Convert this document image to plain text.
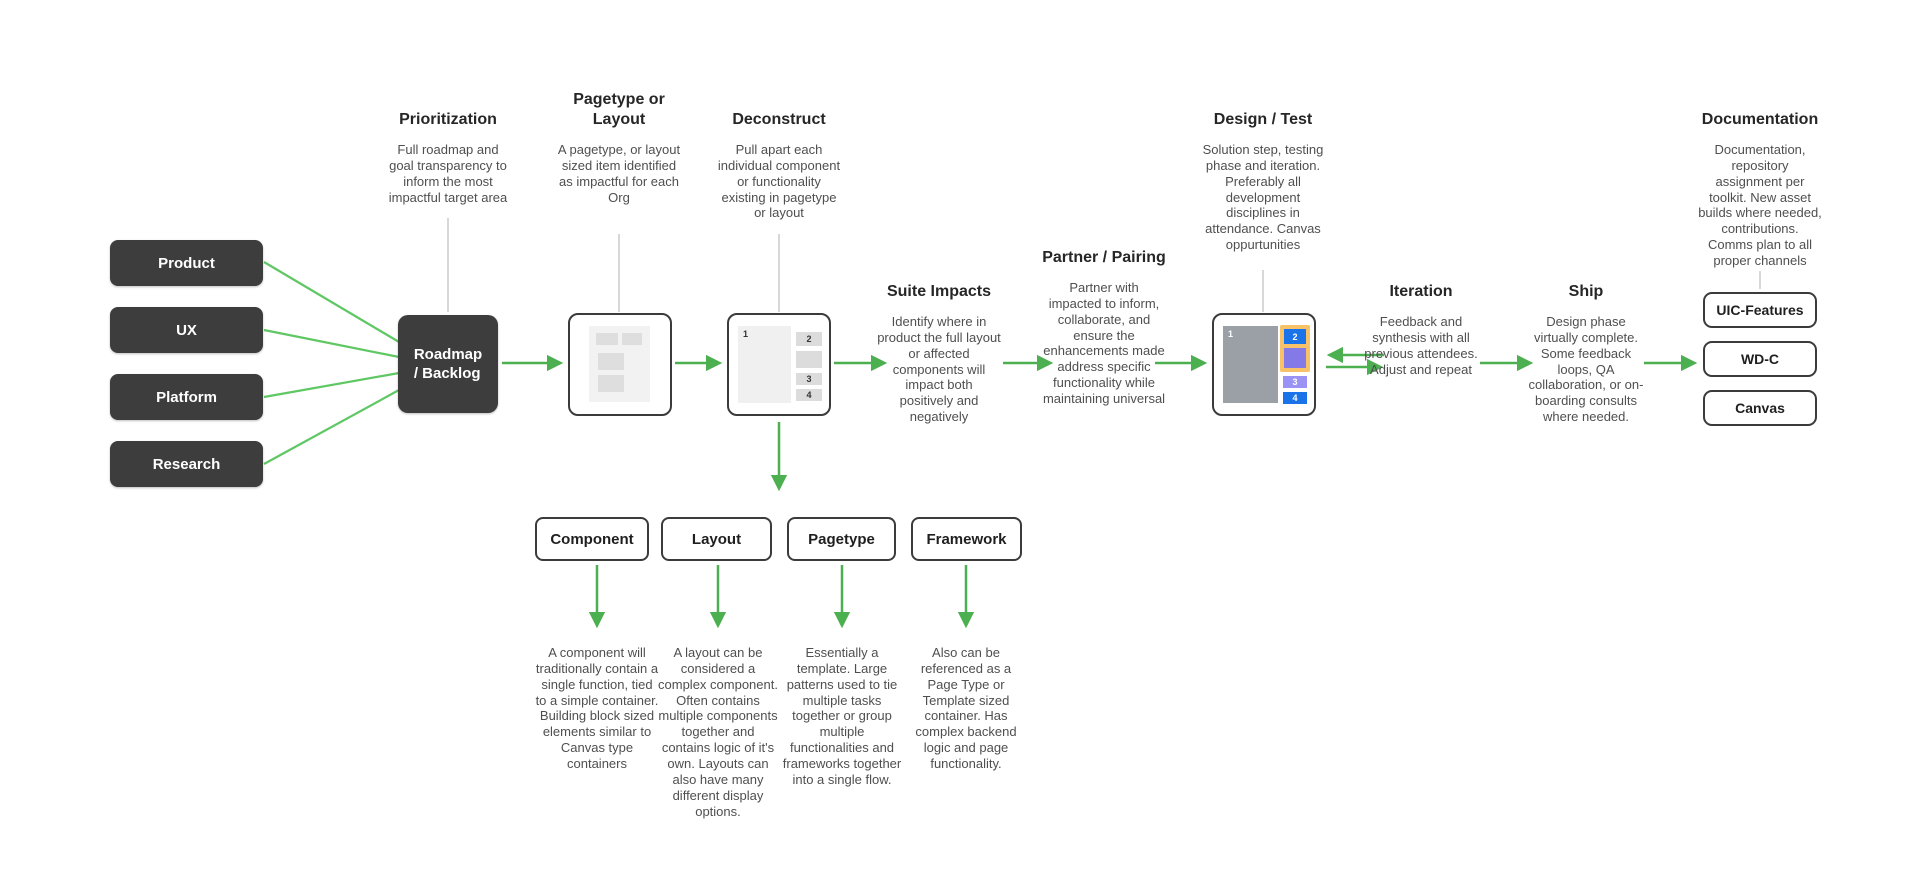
Prioritization

Full roadmap and goal transparency to inform the most impactful target area

Pagetype or Layout

A pagetype, or layout sized item identified as impactful for each Org

Deconstruct

Pull apart each individual component or functionality existing in pagetype or layout

Suite Impacts

Identify where in product the full layout or affected components will impact both positively and negatively

Partner / Pairing

Partner with impacted to inform, collaborate, and ensure the enhancements made address specific functionality while maintaining universal

Design / Test

Solution step, testing phase and iteration. Preferably all development disciplines in attendance. Canvas oppurtunities

Iteration

Feedback and synthesis with all previous attendees. Adjust and repeat

Ship

Design phase virtually complete. Some feedback loops, QA collaboration, or on-boarding consults where needed.

Documentation

Documentation, repository assignment per toolkit. New asset builds where needed, contributions. Comms plan to all proper channels

Product
UX
Platform
Research
Roadmap
/ Backlog
1	2
3
4
1	2
3
4
Component	Layout	Pagetype	Framework
A component will traditionally contain a single function, tied to a simple container. Building block sized elements similar to Canvas type containers
A layout can be considered a complex component. Often contains multiple components together and contains logic of it's own. Layouts can also have many different display options.
Essentially a template. Large patterns used to tie multiple tasks together or group multiple functionalities and frameworks together into a single flow.
Also can be referenced as a Page Type or Template sized container. Has complex backend logic and page functionality.
UIC-Features
WD-C
Canvas
